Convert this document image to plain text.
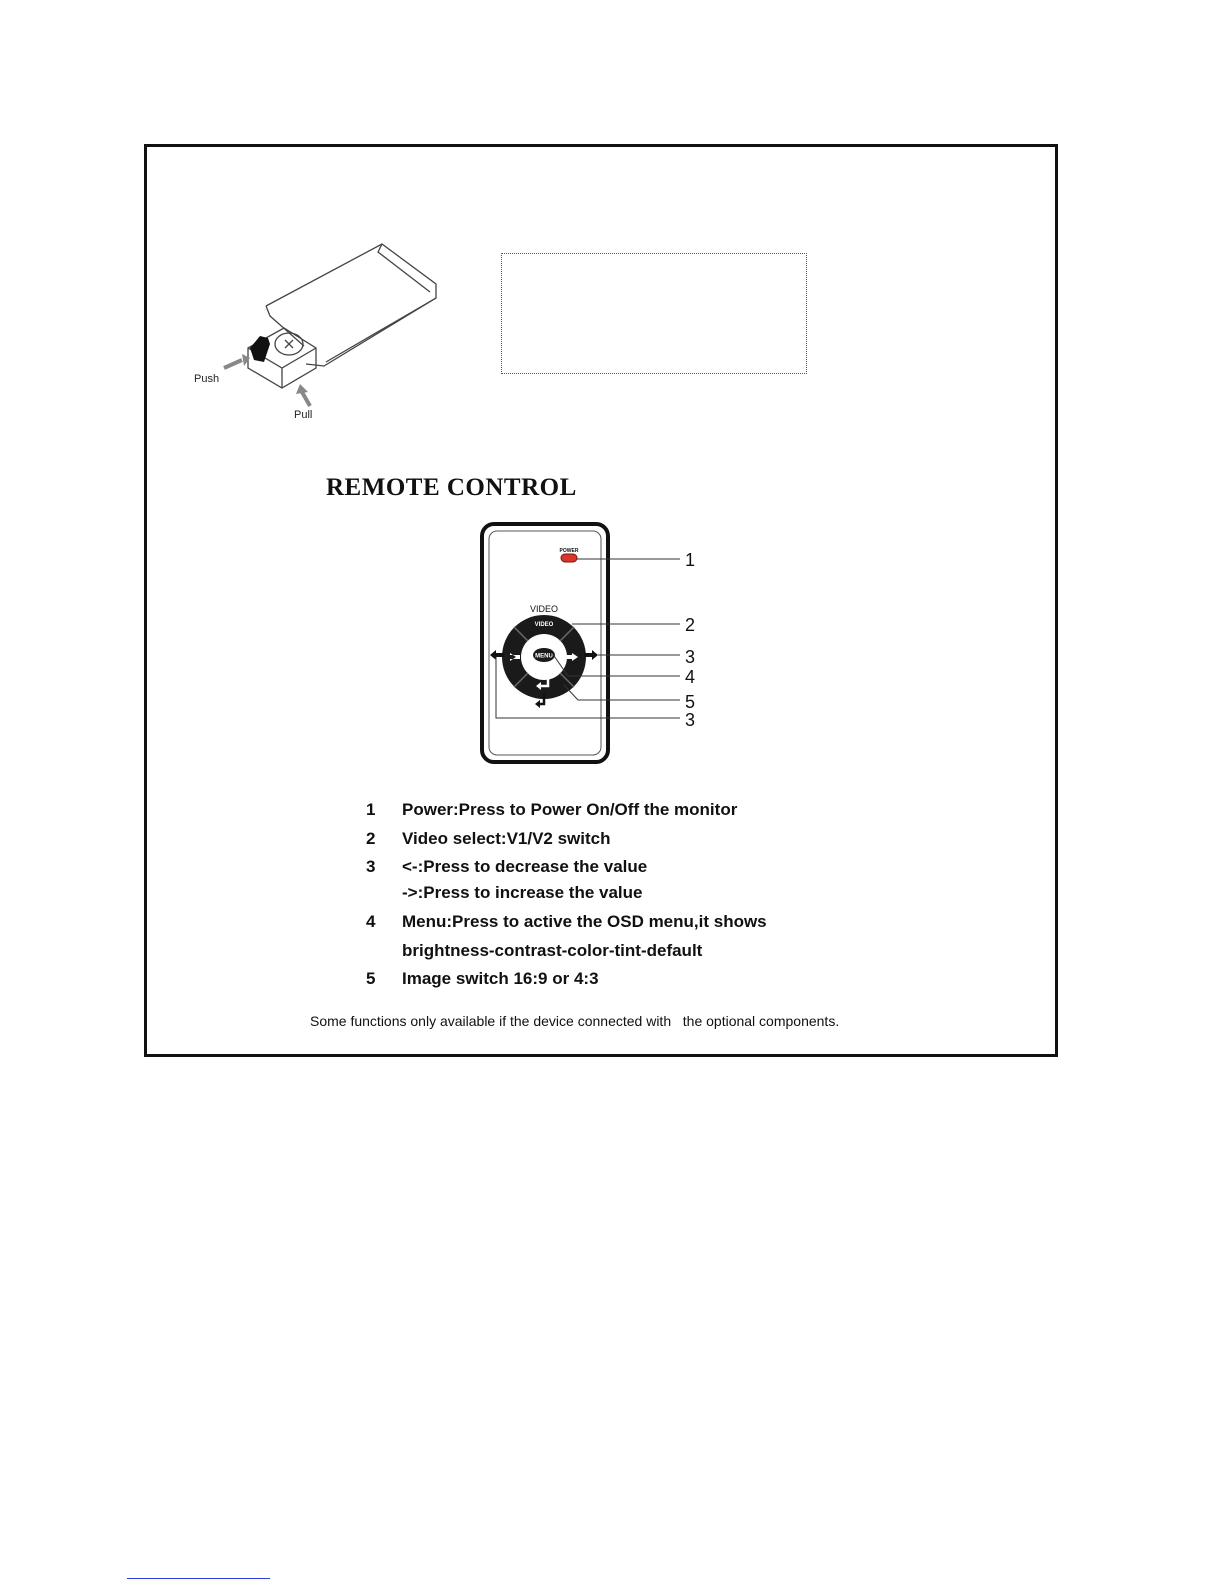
Push
Pull
REMOTE CONTROL
POWER
VIDEO
VIDEO
MENU
1
2
3
4
5
3
1	Power:Press to Power On/Off the monitor
2	Video select:V1/V2 switch
3	<-:Press to decrease the value
->:Press to increase the value
4	Menu:Press to active the OSD menu,it shows
brightness-contrast-color-tint-default
5	Image switch 16:9 or 4:3

Some functions only available if the device connected with   the optional components.
